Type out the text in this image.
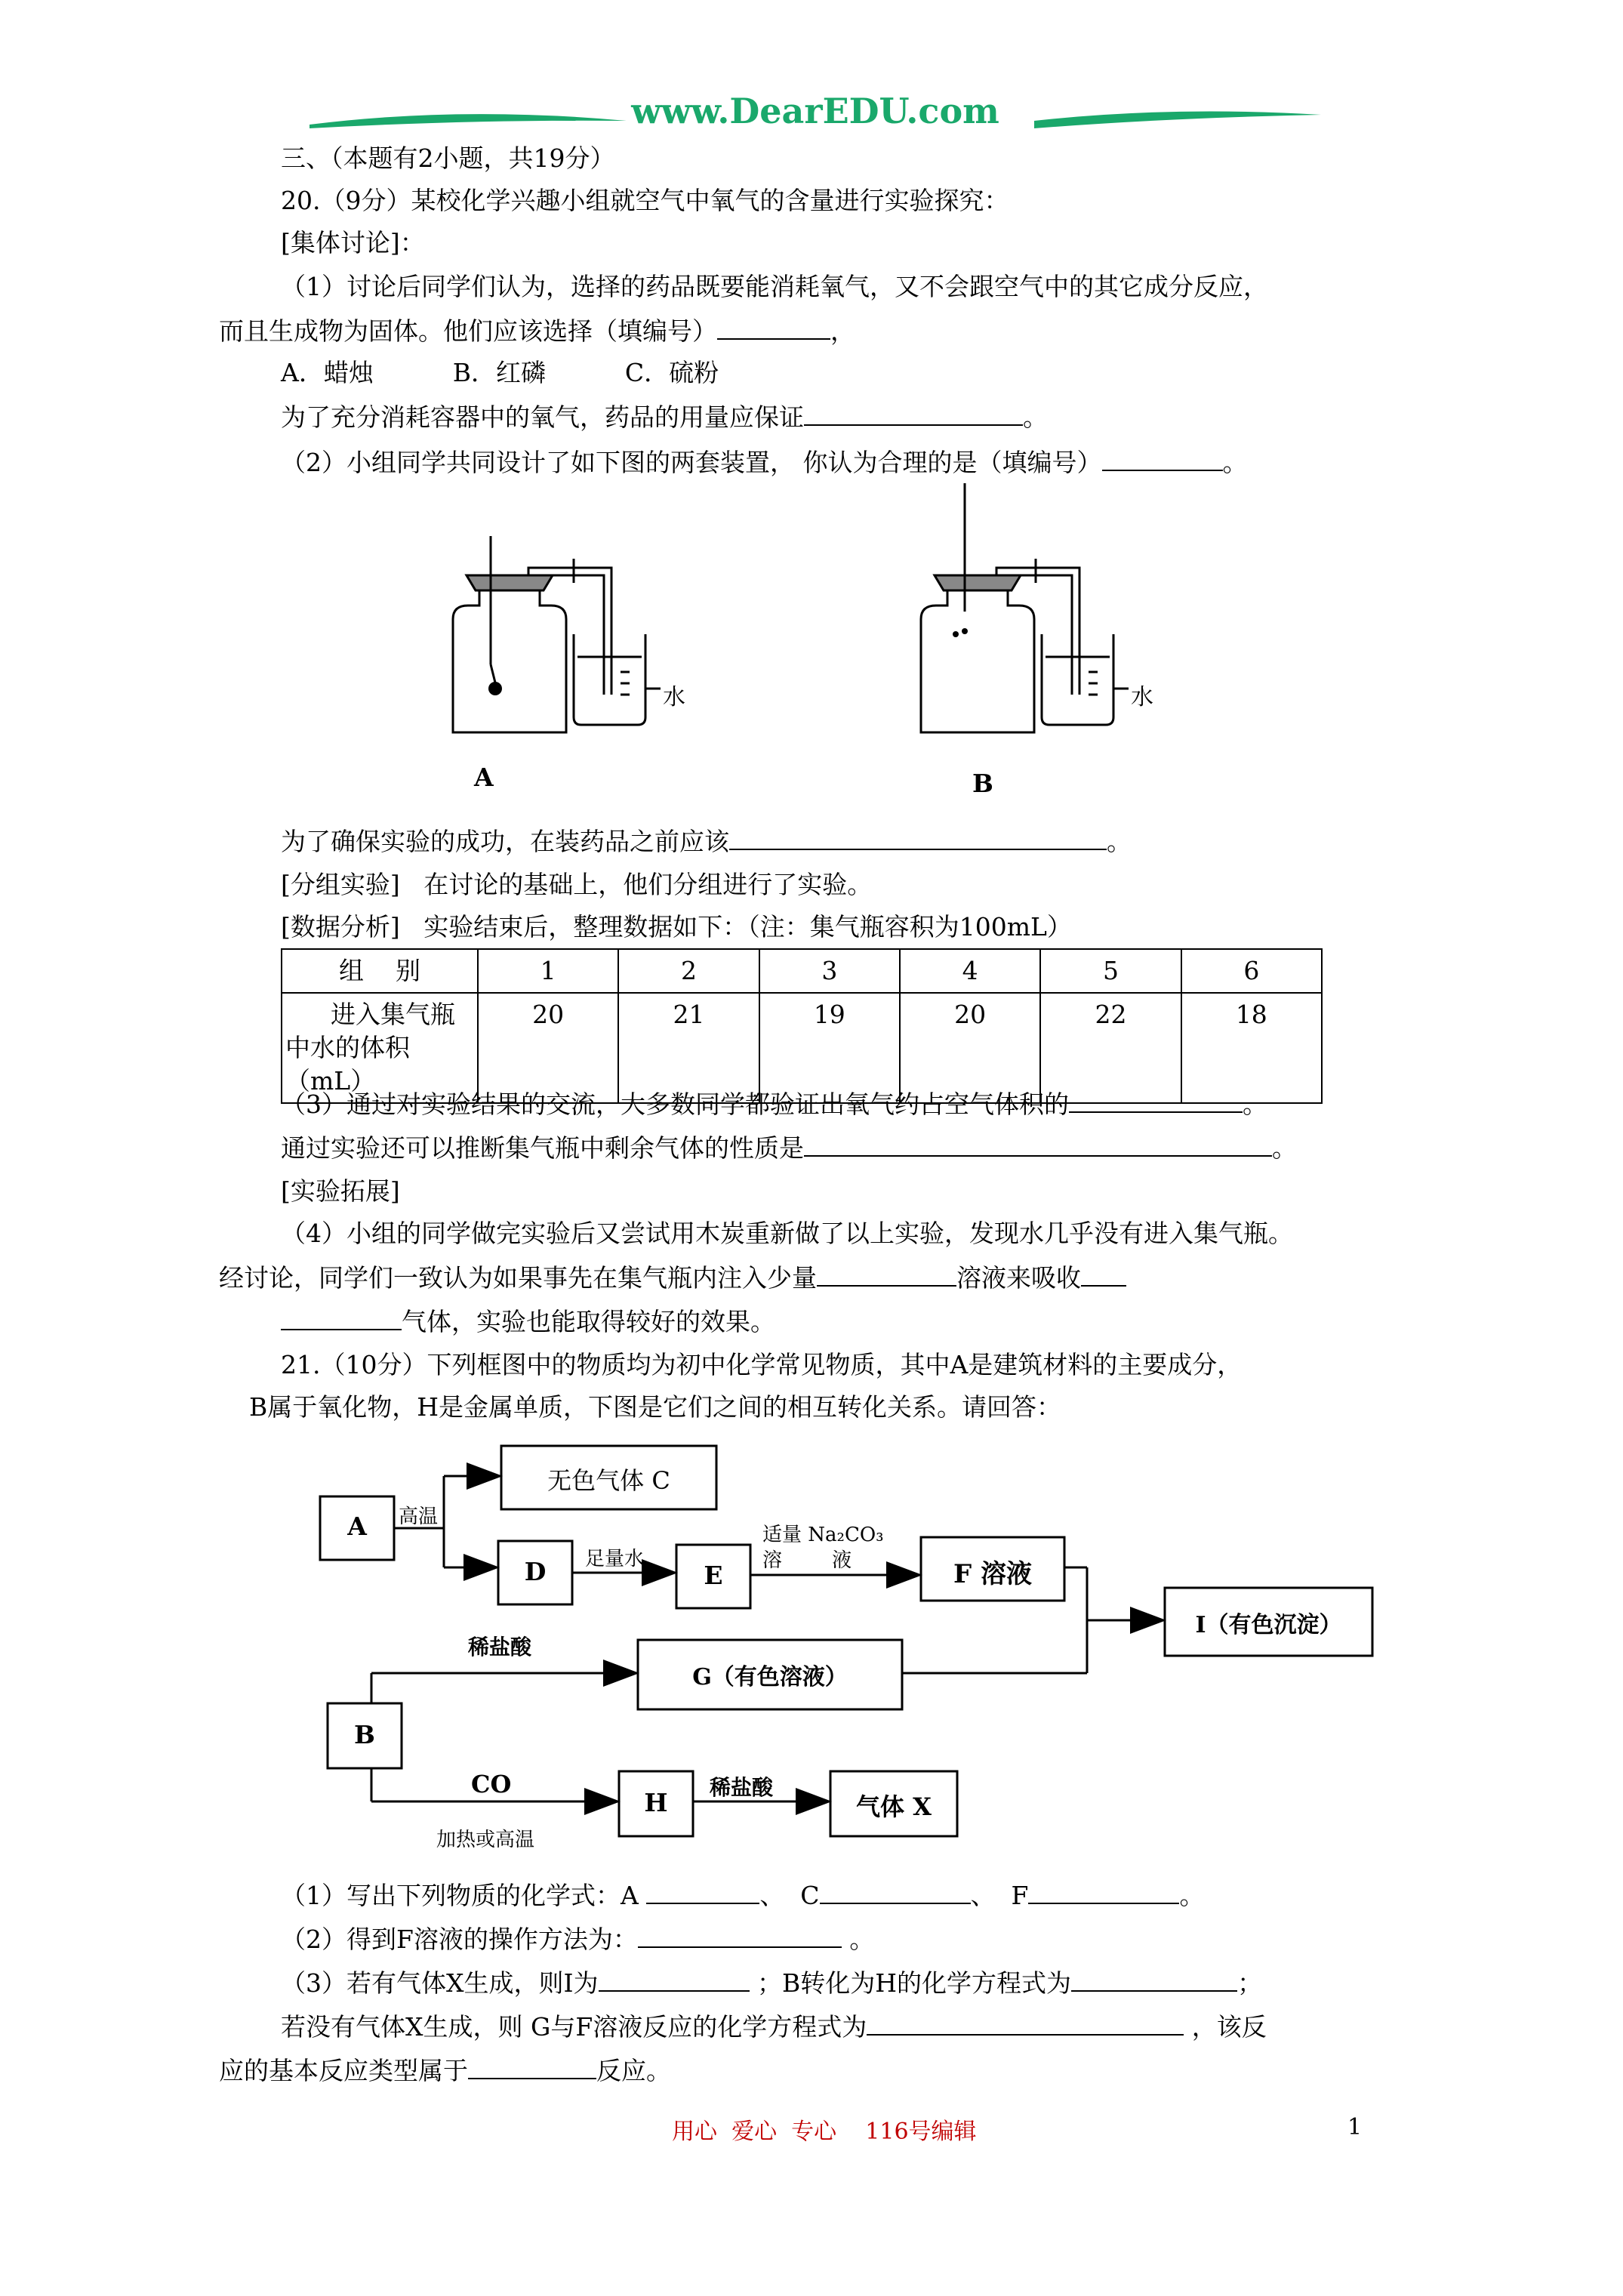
www.DearEDU.com
三、（本题有2小题，共19分）
20.（9分）某校化学兴趣小组就空气中氧气的含量进行实验探究：
[集体讨论]：
（1）讨论后同学们认为，选择的药品既要能消耗氧气，又不会跟空气中的其它成分反应，
而且生成物为固体。他们应该选择（填编号）	，
A．蜡烛          B．红磷          C．硫粉
为了充分消耗容器中的氧气，药品的用量应保证	。
（2）小组同学共同设计了如下图的两套装置， 你认为合理的是（填编号）	。
水
A
水
B
为了确保实验的成功，在装药品之前应该	。
[分组实验]   在讨论的基础上，他们分组进行了实验。
[数据分析]   实验结束后，整理数据如下：（注：集气瓶容积为100mL）
组    别	1	2	3	4	5	6

进入集气瓶
中水的体积（mL）	20	21	19	20	22	18
（3）通过对实验结果的交流，大多数同学都验证出氧气约占空气体积的	。
通过实验还可以推断集气瓶中剩余气体的性质是	。
[实验拓展]
（4）小组的同学做完实验后又尝试用木炭重新做了以上实验，发现水几乎没有进入集气瓶。
经讨论，同学们一致认为如果事先在集气瓶内注入少量	溶液来吸收
气体，实验也能取得较好的效果。
21.（10分）下列框图中的物质均为初中化学常见物质，其中A是建筑材料的主要成分，
B属于氧化物，H是金属单质，下图是它们之间的相互转化关系。请回答：
A	高温
无色气体 C
D	足量水
E
适量 Na₂CO₃
溶        液	F 溶液
I（有色沉淀）
稀盐酸
G（有色溶液）
B
CO
加热或高温
H
稀盐酸
气体 X
（1）写出下列物质的化学式：A	、  C	、  F	。
（2）得到F溶液的操作方法为：	。
（3）若有气体X生成，则I为	；B转化为H的化学方程式为	；
若没有气体X生成，则 G与F溶液反应的化学方程式为	，该反
应的基本反应类型属于	反应。
用心  爱心  专心    116号编辑	1
